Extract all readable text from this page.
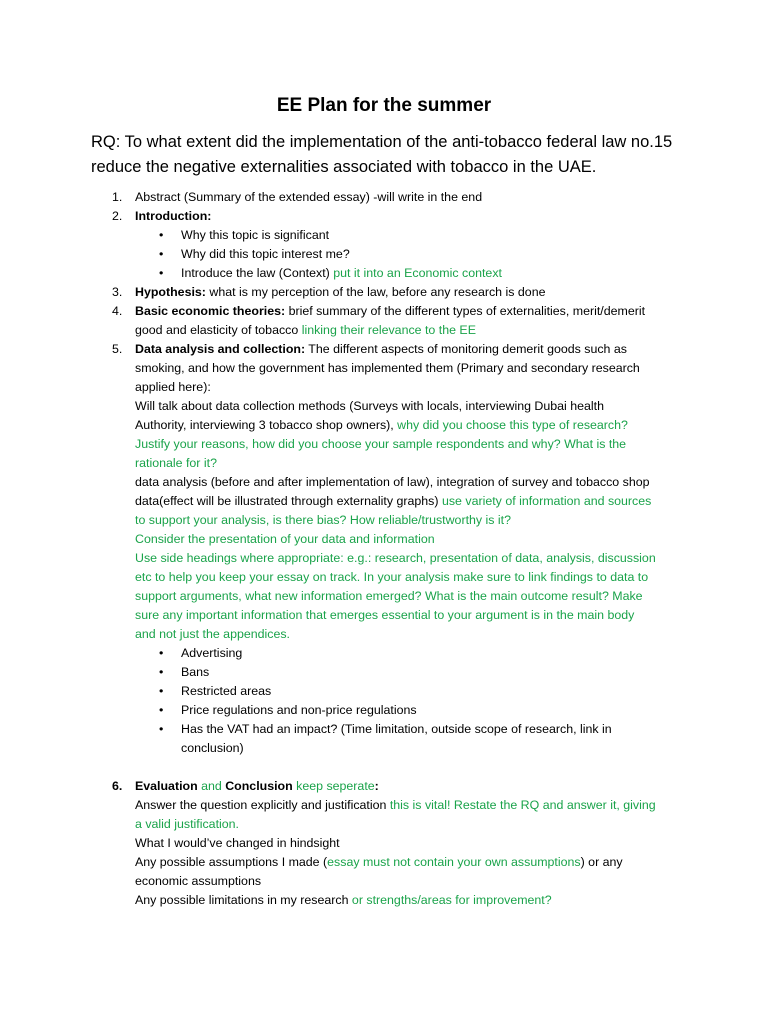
EE Plan for the summer
RQ: To what extent did the implementation of the anti-tobacco federal law no.15
reduce the negative externalities associated with tobacco in the UAE.
1. Abstract (Summary of the extended essay) -will write in the end
2. Introduction:
• Why this topic is significant
• Why did this topic interest me?
• Introduce the law (Context) put it into an Economic context
3. Hypothesis: what is my perception of the law, before any research is done
4. Basic economic theories: brief summary of the different types of externalities, merit/demerit
good and elasticity of tobacco linking their relevance to the EE
5. Data analysis and collection: The different aspects of monitoring demerit goods such as
smoking, and how the government has implemented them (Primary and secondary research
applied here):
Will talk about data collection methods (Surveys with locals, interviewing Dubai health
Authority, interviewing 3 tobacco shop owners), why did you choose this type of research?
Justify your reasons, how did you choose your sample respondents and why? What is the
rationale for it?
data analysis (before and after implementation of law), integration of survey and tobacco shop
data(effect will be illustrated through externality graphs) use variety of information and sources
to support your analysis, is there bias? How reliable/trustworthy is it?
Consider the presentation of your data and information
Use side headings where appropriate: e.g.: research, presentation of data, analysis, discussion
etc to help you keep your essay on track. In your analysis make sure to link findings to data to
support arguments, what new information emerged? What is the main outcome result? Make
sure any important information that emerges essential to your argument is in the main body
and not just the appendices.
• Advertising
• Bans
• Restricted areas
• Price regulations and non-price regulations
• Has the VAT had an impact? (Time limitation, outside scope of research, link in
conclusion)
6. Evaluation and Conclusion keep seperate:
Answer the question explicitly and justification this is vital! Restate the RQ and answer it, giving
a valid justification.
What I would’ve changed in hindsight
Any possible assumptions I made (essay must not contain your own assumptions) or any
economic assumptions
Any possible limitations in my research or strengths/areas for improvement?
